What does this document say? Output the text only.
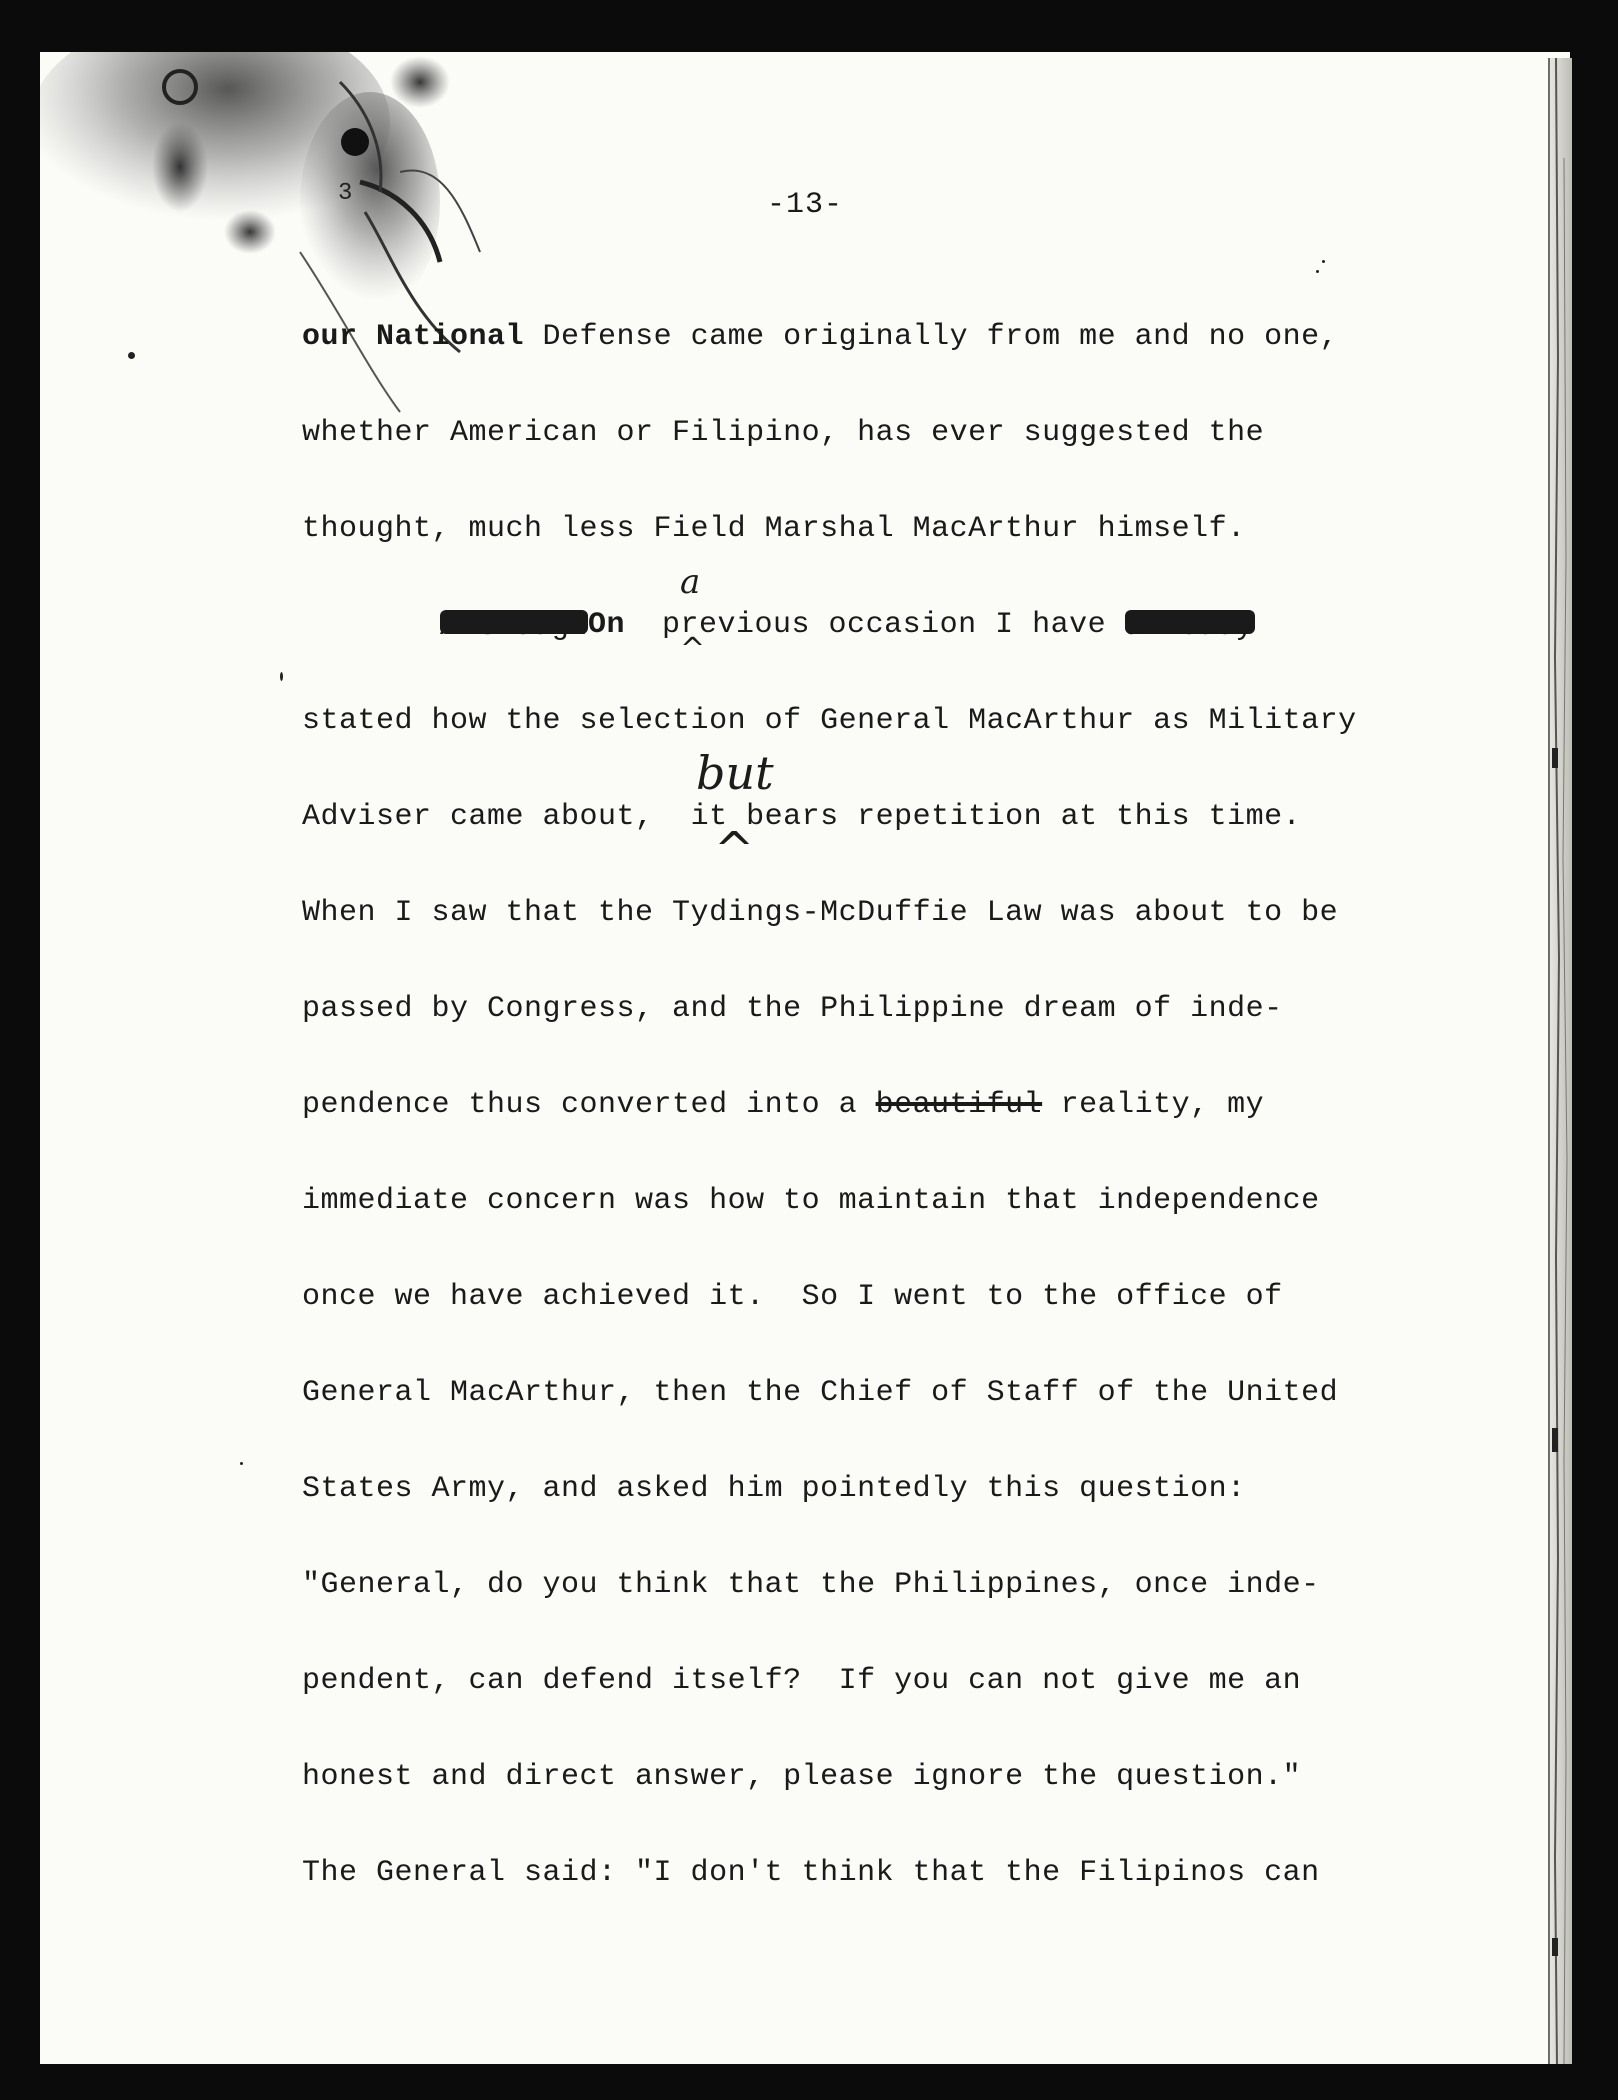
3	-13-
our National Defense came originally from me and no one,
whether American or Filipino, has ever suggested the
thought, much less Field Marshal MacArthur himself.
AlthoughOn previous occasion I have already
a
^
stated how the selection of General MacArthur as Military
Adviser came about, it bears repetition at this time.
but
^
When I saw that the Tydings-McDuffie Law was about to be
passed by Congress, and the Philippine dream of inde-
pendence thus converted into a beautiful reality, my
immediate concern was how to maintain that independence
once we have achieved it.  So I went to the office of
General MacArthur, then the Chief of Staff of the United
States Army, and asked him pointedly this question:
"General, do you think that the Philippines, once inde-
pendent, can defend itself?  If you can not give me an
honest and direct answer, please ignore the question."
The General said: "I don't think that the Filipinos can
